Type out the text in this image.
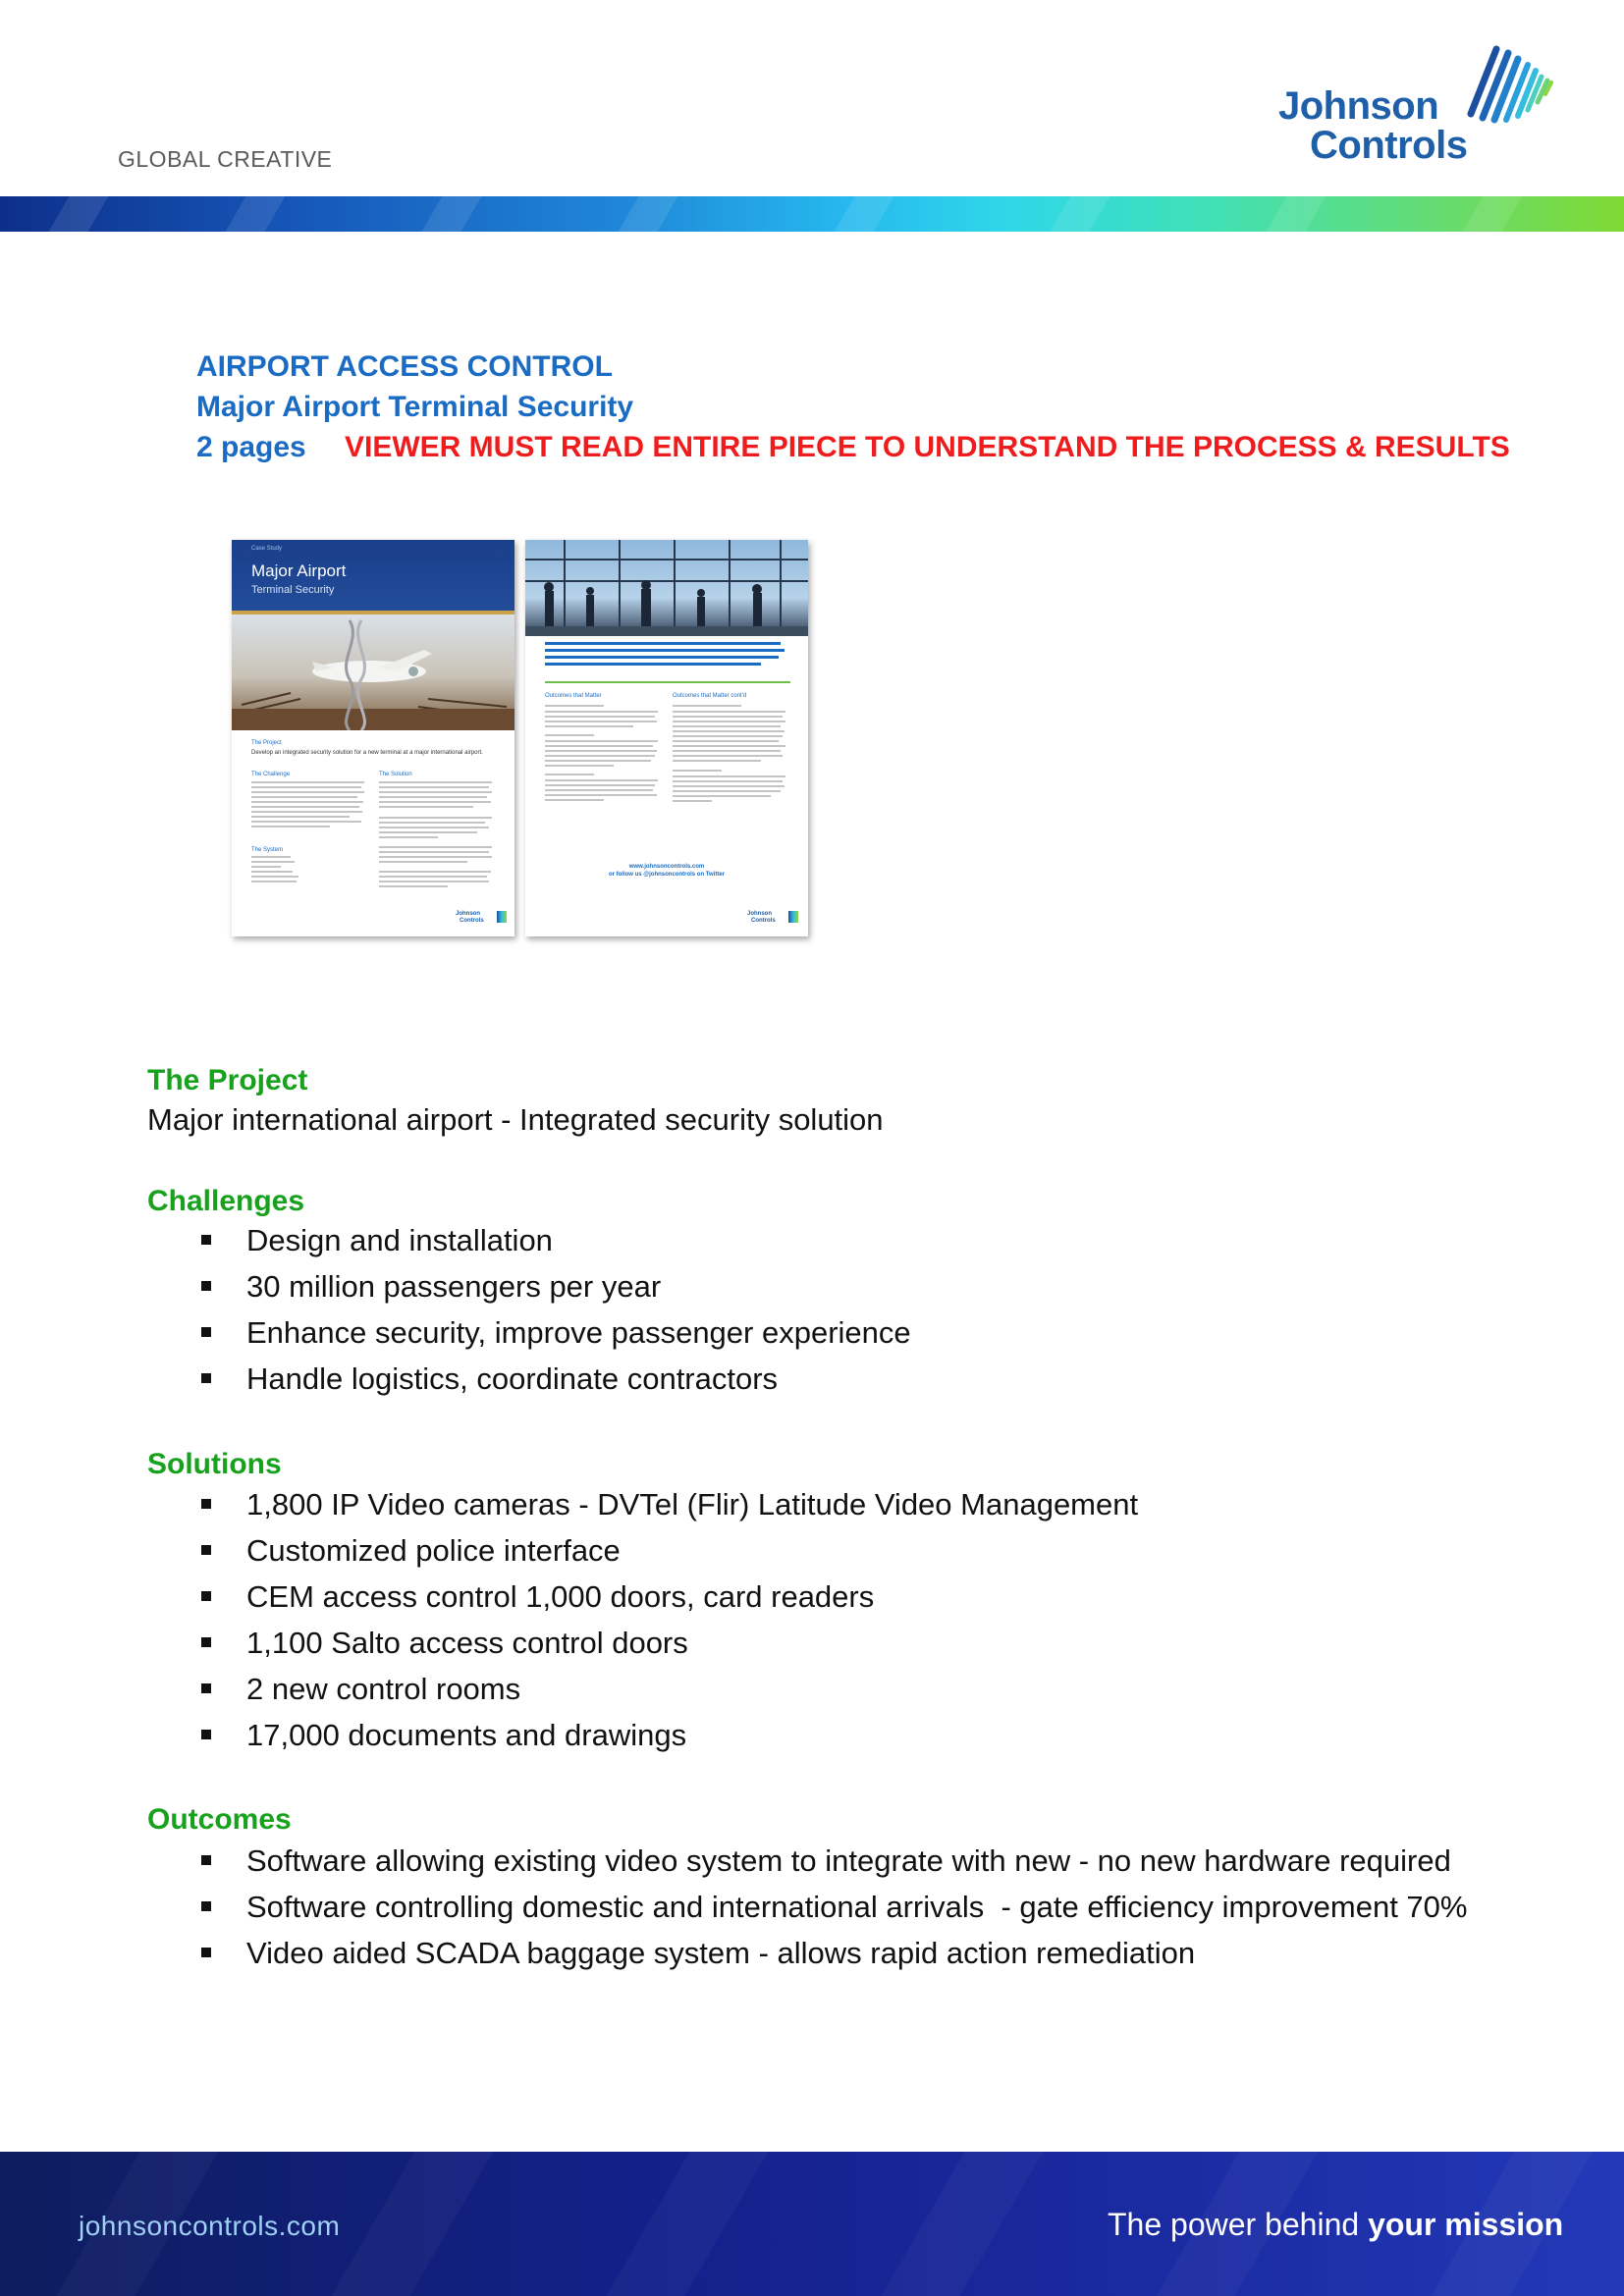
GLOBAL CREATIVE
Johnson
Controls
AIRPORT ACCESS CONTROL
Major Airport Terminal Security
2 pages VIEWER MUST READ ENTIRE PIECE TO UNDERSTAND THE PROCESS & RESULTS
Case Study
Major Airport
Terminal Security
The Project
Develop an integrated security solution for a new terminal at a major international airport.
The Challenge	The Solution
The System
Johnson
Controls
Outcomes that Matter	Outcomes that Matter cont'd
www.johnsoncontrols.com
or follow us @johnsoncontrols on Twitter
Johnson
Controls
The Project
Major international airport - Integrated security solution
Challenges
Design and installation
30 million passengers per year
Enhance security, improve passenger experience
Handle logistics, coordinate contractors
Solutions
1,800 IP Video cameras - DVTel (Flir) Latitude Video Management
Customized police interface
CEM access control 1,000 doors, card readers
1,100 Salto access control doors
2 new control rooms
17,000 documents and drawings
Outcomes
Software allowing existing video system to integrate with new - no new hardware required
Software controlling domestic and international arrivals  - gate efficiency improvement 70%
Video aided SCADA baggage system - allows rapid action remediation
johnsoncontrols.com	The power behind your mission
